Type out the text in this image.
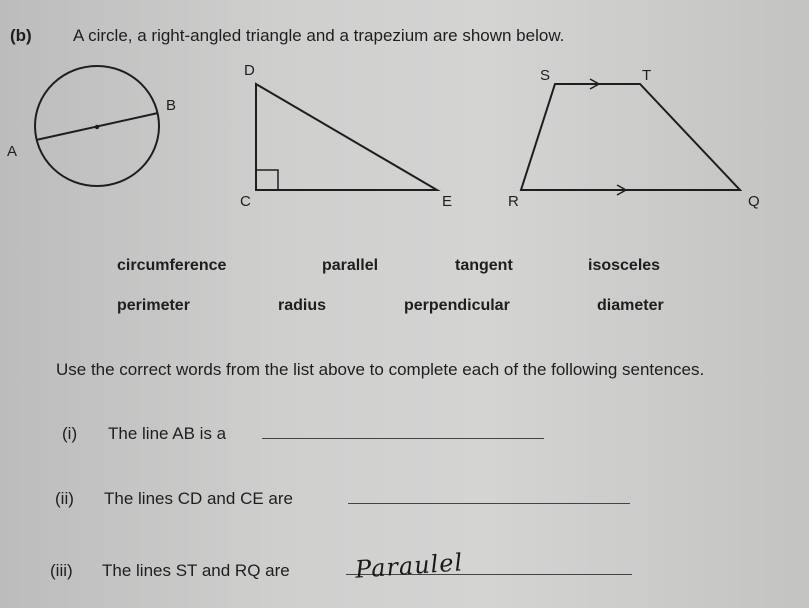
(b) A circle, a right-angled triangle and a trapezium are shown below.
A
B
D
C	E
S	T
R	Q
circumference	parallel	tangent	isosceles
perimeter	radius	perpendicular	diameter
Use the correct words from the list above to complete each of the following sentences.
(i) The line AB is a
(ii) The lines CD and CE are
(iii) The lines ST and RQ are	Paraulel
